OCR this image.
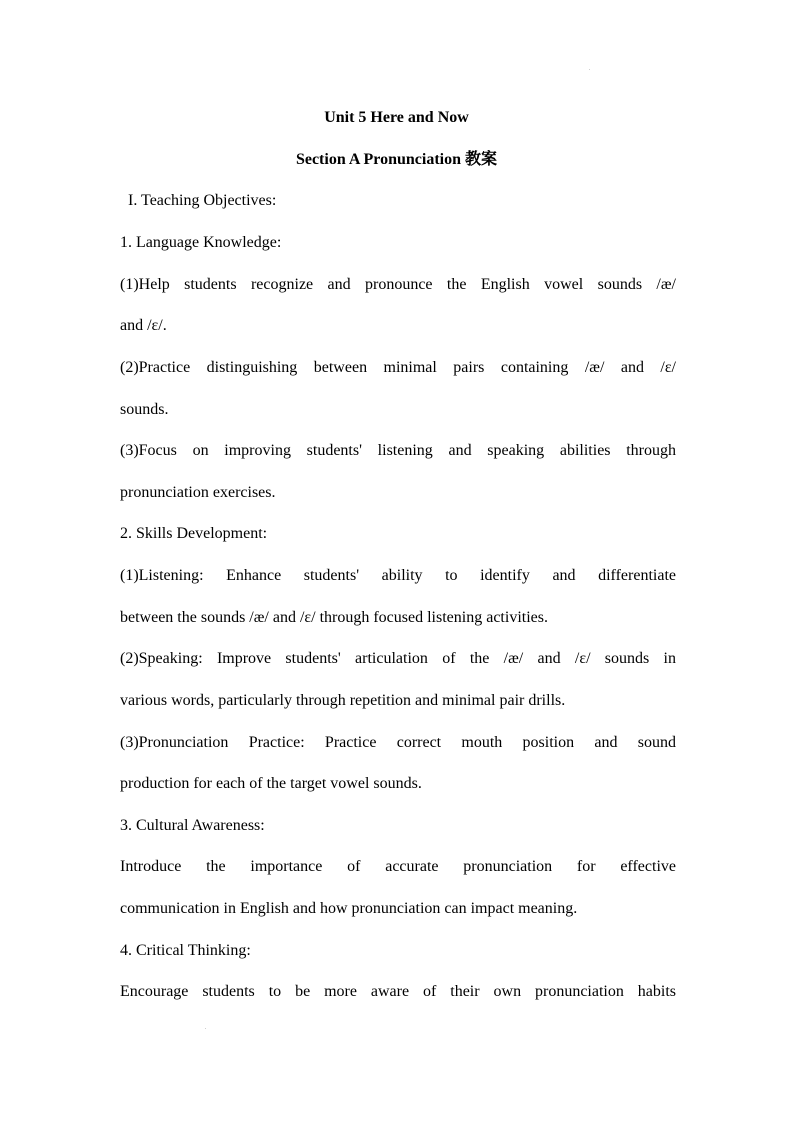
Unit 5 Here and Now
Section A Pronunciation 教案
I. Teaching Objectives:
1. Language Knowledge:
(1)Help students recognize and pronounce the English vowel sounds /æ/
and /ɛ/.
(2)Practice distinguishing between minimal pairs containing /æ/ and /ɛ/
sounds.
(3)Focus on improving students' listening and speaking abilities through
pronunciation exercises.
2. Skills Development:
(1)Listening: Enhance students' ability to identify and differentiate
between the sounds /æ/ and /ɛ/ through focused listening activities.
(2)Speaking: Improve students' articulation of the /æ/ and /ɛ/ sounds in
various words, particularly through repetition and minimal pair drills.
(3)Pronunciation Practice: Practice correct mouth position and sound
production for each of the target vowel sounds.
3. Cultural Awareness:
Introduce the importance of accurate pronunciation for effective
communication in English and how pronunciation can impact meaning.
4. Critical Thinking:
Encourage students to be more aware of their own pronunciation habits
